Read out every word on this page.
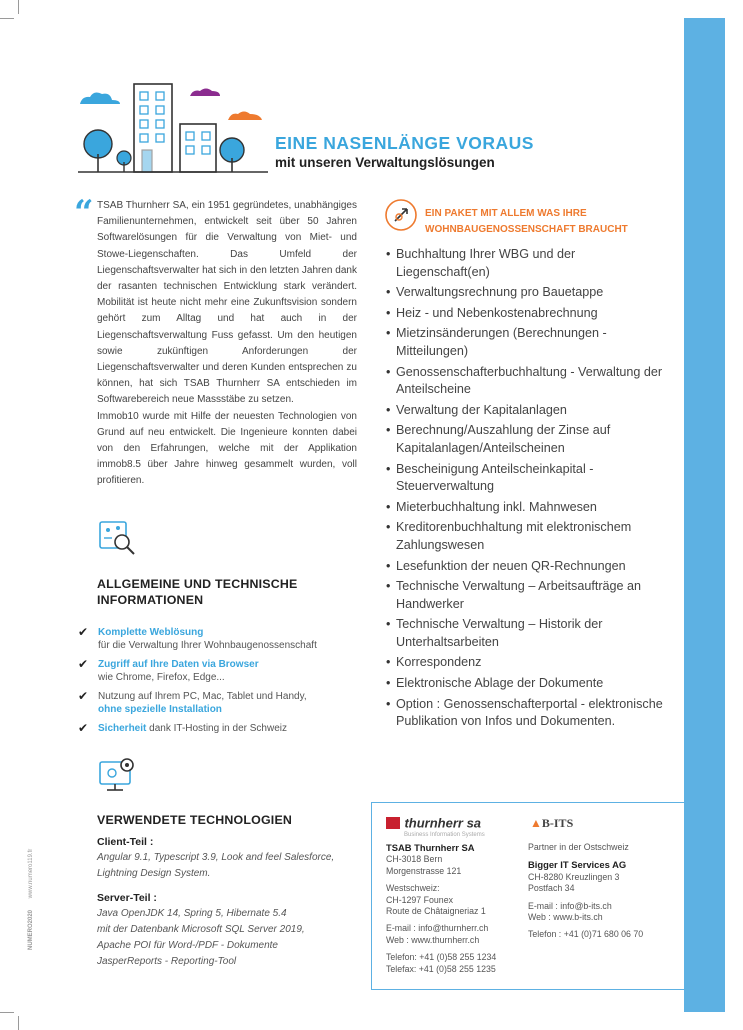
EINE NASENLÄNGE VORAUS
mit unseren Verwaltungslösungen
“ TSAB Thurnherr SA, ein 1951 gegründetes, unabhängiges Familienunternehmen, entwickelt seit über 50 Jahren Softwarelösungen für die Verwaltung von Miet- und Stowe-Liegenschaften. Das Umfeld der Liegenschaftsverwalter hat sich in den letzten Jahren dank der rasanten technischen Entwicklung stark verändert. Mobilität ist heute nicht mehr eine Zukunftsvision sondern gehört zum Alltag und hat auch in der Liegenschaftsverwaltung Fuss gefasst. Um den heutigen sowie zukünftigen Anforderungen der Liegenschaftsverwalter und deren Kunden entsprechen zu können, hat sich TSAB Thurnherr SA entschieden im Softwarebereich neue Massstäbe zu setzen.

Immob10 wurde mit Hilfe der neuesten Technologien von Grund auf neu entwickelt. Die Ingenieure konnten dabei von den Erfahrungen, welche mit der Applikation immob8.5 über Jahre hinweg gesammelt wurden, voll profitieren.

ALLGEMEINE UND TECHNISCHE
INFORMATIONEN
✔ Komplette Weblösung
für die Verwaltung Ihrer Wohnbaugenossenschaft
✔ Zugriff auf Ihre Daten via Browser
wie Chrome, Firefox, Edge...
✔ Nutzung auf Ihrem PC, Mac, Tablet und Handy,
ohne spezielle Installation
✔ Sicherheit dank IT-Hosting in der Schweiz
VERWENDETE TECHNOLOGIEN
Client-Teil :
Angular 9.1, Typescript 3.9, Look and feel Salesforce,
Lightning Design System.
Server-Teil :
Java OpenJDK 14, Spring 5, Hibernate 5.4
mit der Datenbank Microsoft SQL Server 2019,
Apache POI für Word-/PDF - Dokumente
JasperReports - Reporting-Tool
EIN PAKET MIT ALLEM WAS IHRE
WOHNBAUGENOSSENSCHAFT BRAUCHT
• Buchhaltung Ihrer WBG und der Liegenschaft(en)
• Verwaltungsrechnung pro Bauetappe
• Heiz - und Nebenkostenabrechnung
• Mietzinsänderungen (Berechnungen - Mitteilungen)
• Genossenschafterbuchhaltung - Verwaltung der Anteilscheine
• Verwaltung der Kapitalanlagen
• Berechnung/Auszahlung der Zinse auf Kapitalanlagen/Anteilscheinen
• Bescheinigung Anteilscheinkapital - Steuerverwaltung
• Mieterbuchhaltung inkl. Mahnwesen
• Kreditorenbuchhaltung mit elektronischem Zahlungswesen
• Lesefunktion der neuen QR-Rechnungen
• Technische Verwaltung – Arbeitsaufträge an Handwerker
• Technische Verwaltung – Historik der Unterhaltsarbeiten
• Korrespondenz
• Elektronische Ablage der Dokumente
• Option : Genossenschafterportal - elektronische Publikation von Infos und Dokumenten.
thurnherr sa
Business Information Systems
TSAB Thurnherr SA
CH-3018 Bern
Morgenstrasse 121
Westschweiz:
CH-1297 Founex
Route de Châtaigneriaz 1
E-mail : info@thurnherr.ch
Web : www.thurnherr.ch
Telefon: +41 (0)58 255 1234
Telefax: +41 (0)58 255 1235
▲B-ITS
Partner in der Ostschweiz
Bigger IT Services AG
CH-8280 Kreuzlingen 3
Postfach 34
E-mail : info@b-its.ch
Web : www.b-its.ch
Telefon : +41 (0)71 680 06 70
NUMERO2020 www.numero119.fr
